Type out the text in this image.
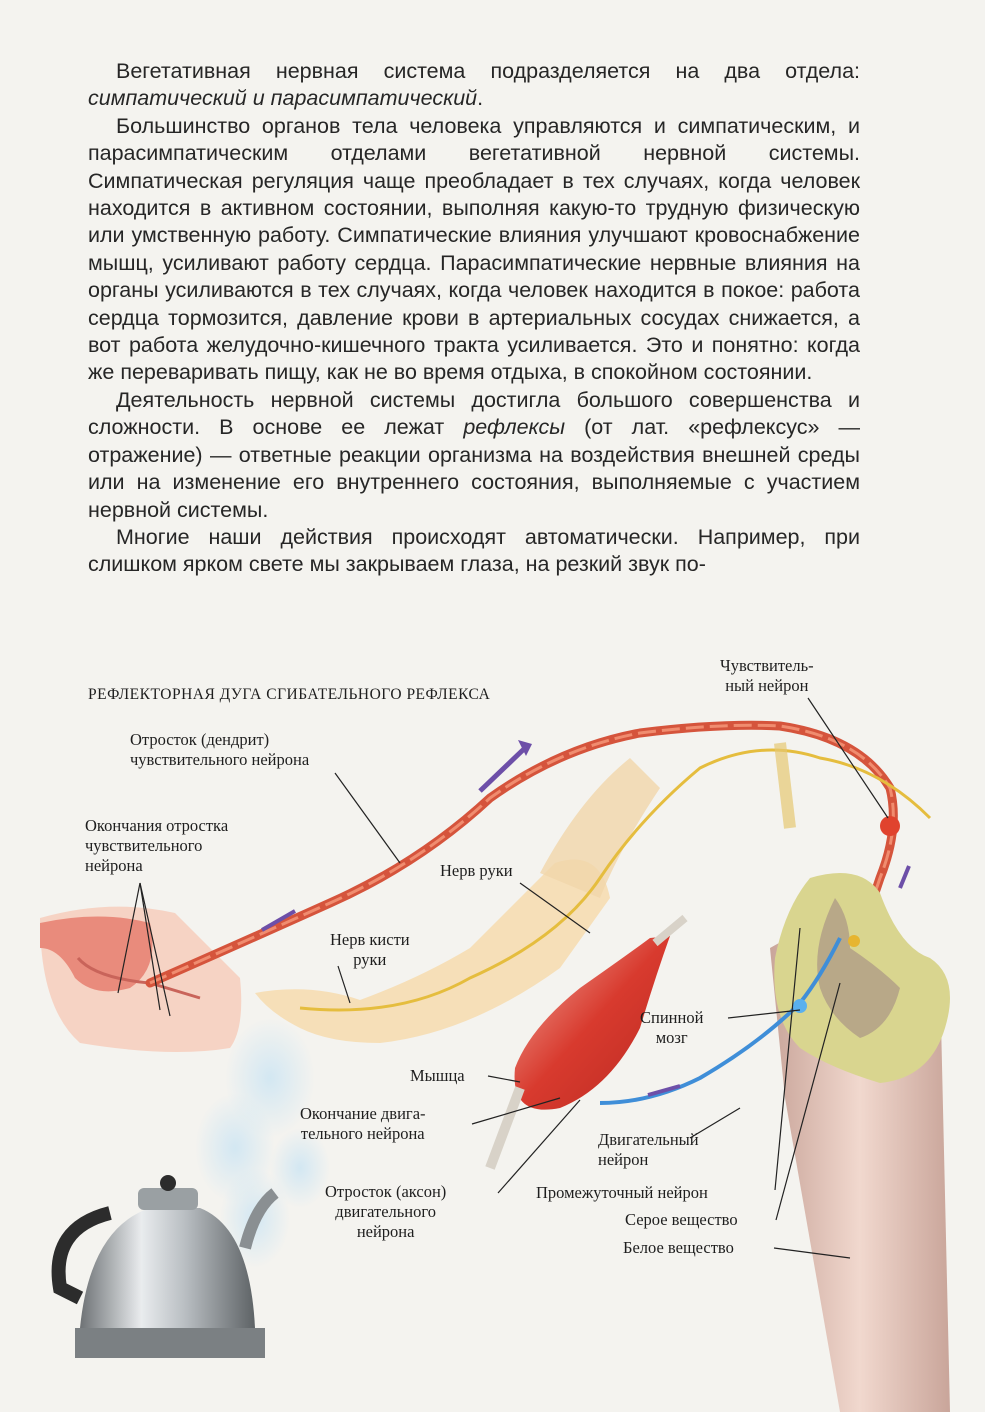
Вегетативная нервная система подразделяется на два отдела: симпатический и парасимпатический.

Большинство органов тела человека управляются и симпатическим, и парасимпатическим отделами вегетативной нервной системы. Симпатическая регуляция чаще преобладает в тех случаях, когда человек находится в активном состоянии, выполняя какую-то трудную физическую или умственную работу. Симпатические влияния улучшают кровоснабжение мышц, усиливают работу сердца. Парасимпатические нервные влияния на органы усиливаются в тех случаях, когда человек находится в покое: работа сердца тормозится, давление крови в артериальных сосудах снижается, а вот работа желудочно-кишечного тракта усиливается. Это и понятно: когда же переваривать пищу, как не во время отдыха, в спокойном состоянии.

Деятельность нервной системы достигла большого совершенства и сложности. В основе ее лежат рефлексы (от лат. «рефлексус» — отражение) — ответные реакции организма на воздействия внешней среды или на изменение его внутреннего состояния, выполняемые с участием нервной системы.

Многие наши действия происходят автоматически. Например, при слишком ярком свете мы закрываем глаза, на резкий звук по-

РЕФЛЕКТОРНАЯ ДУГА СГИБАТЕЛЬНОГО РЕФЛЕКСА
Чувствитель-
ный нейрон
Отросток (дендрит)
чувствительного нейрона
Окончания отростка
чувствительного
нейрона	Нерв руки
Нерв кисти
руки
Спинной
мозг
Мышца
Окончание двига-
тельного нейрона	Двигательный
нейрон
Промежуточный нейрон
Отросток (аксон)
двигательного
нейрона
Серое вещество
Белое вещество
